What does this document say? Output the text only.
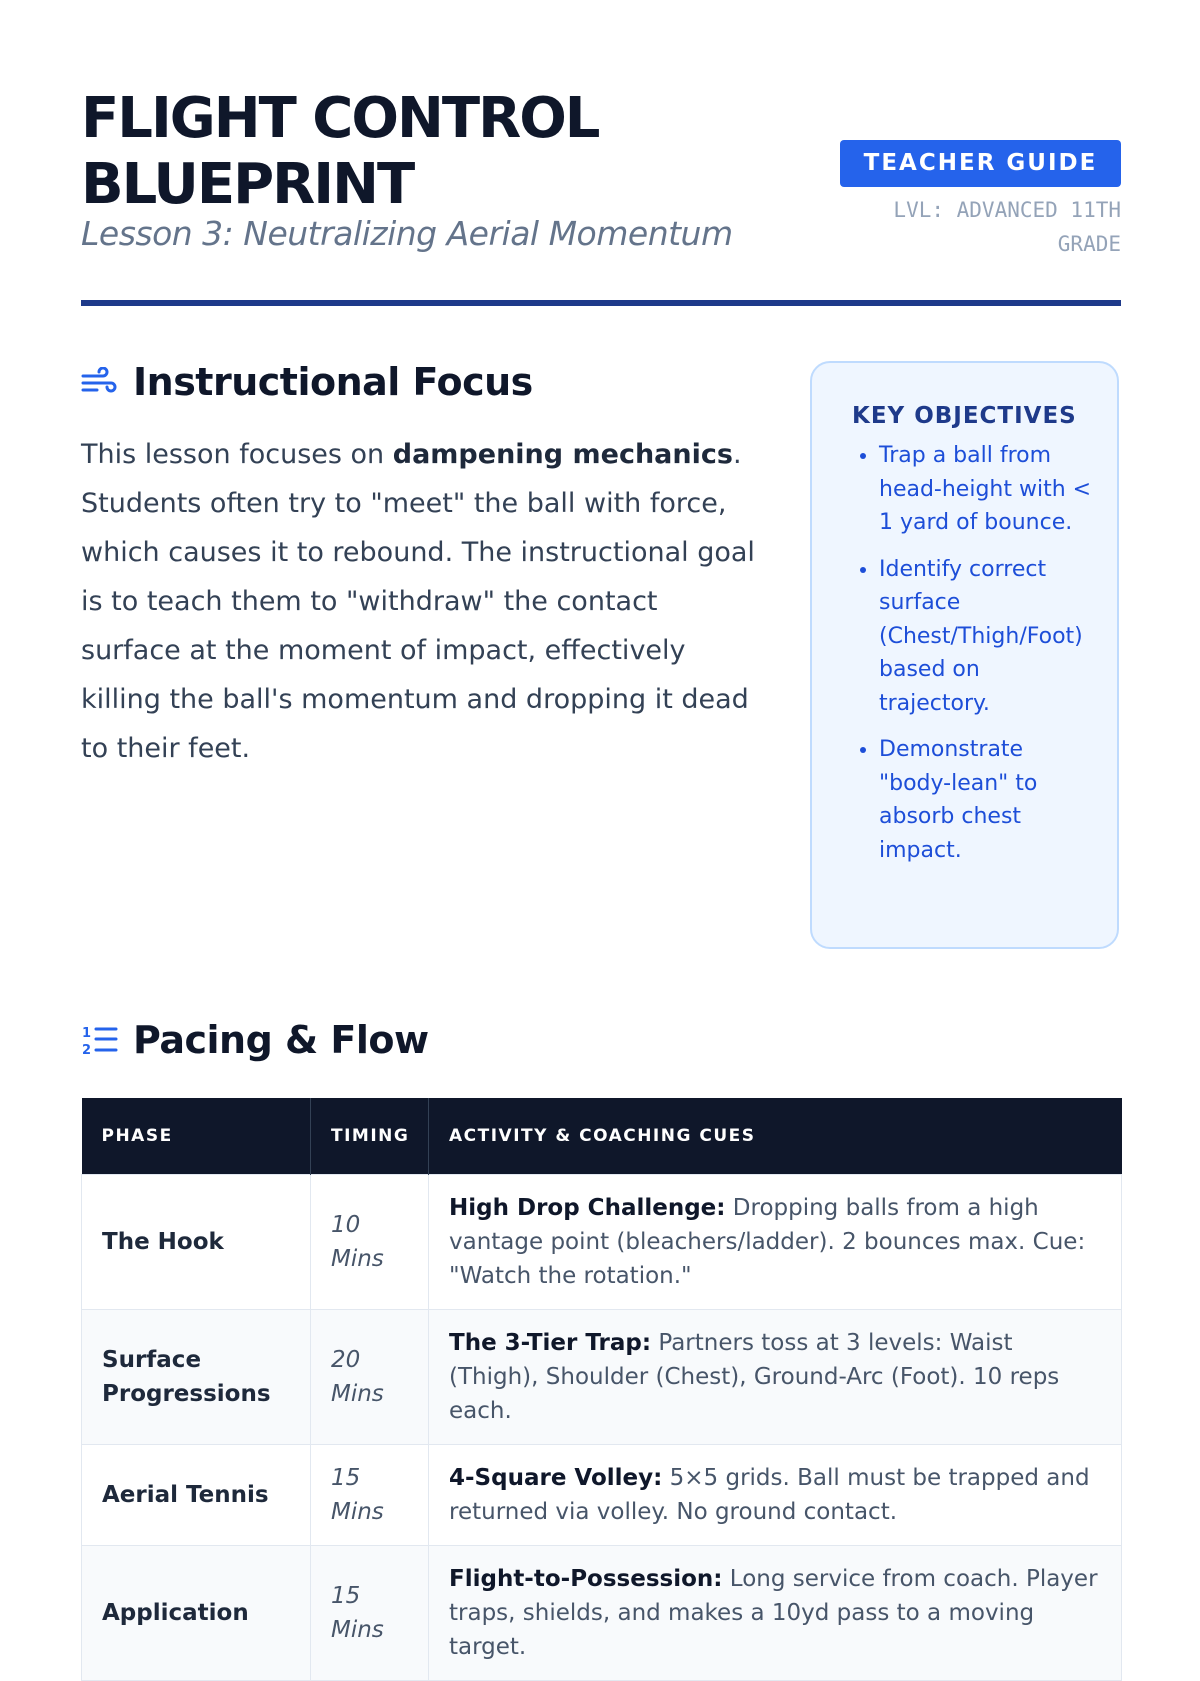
FLIGHT CONTROL BLUEPRINT

Lesson 3: Neutralizing Aerial Momentum

TEACHER GUIDE
LVL: ADVANCED 11TH GRADE
Instructional Focus

This lesson focuses on dampening mechanics. Students often try to "meet" the ball with force, which causes it to rebound. The instructional goal is to teach them to "withdraw" the contact surface at the moment of impact, effectively killing the ball's momentum and dropping it dead to their feet.

KEY OBJECTIVES
• Trap a ball from head-height with < 1 yard of bounce.
• Identify correct surface (Chest/Thigh/Foot) based on trajectory.
• Demonstrate "body-lean" to absorb chest impact.
1
2 Pacing & Flow
PHASE	TIMING	ACTIVITY & COACHING CUES
The Hook	10 Mins	High Drop Challenge: Dropping balls from a high vantage point (bleachers/ladder). 2 bounces max. Cue: "Watch the rotation."
Surface Progressions	20 Mins	The 3-Tier Trap: Partners toss at 3 levels: Waist (Thigh), Shoulder (Chest), Ground-Arc (Foot). 10 reps each.
Aerial Tennis	15 Mins	4-Square Volley: 5×5 grids. Ball must be trapped and returned via volley. No ground contact.
Application	15 Mins	Flight-to-Possession: Long service from coach. Player traps, shields, and makes a 10yd pass to a moving target.
